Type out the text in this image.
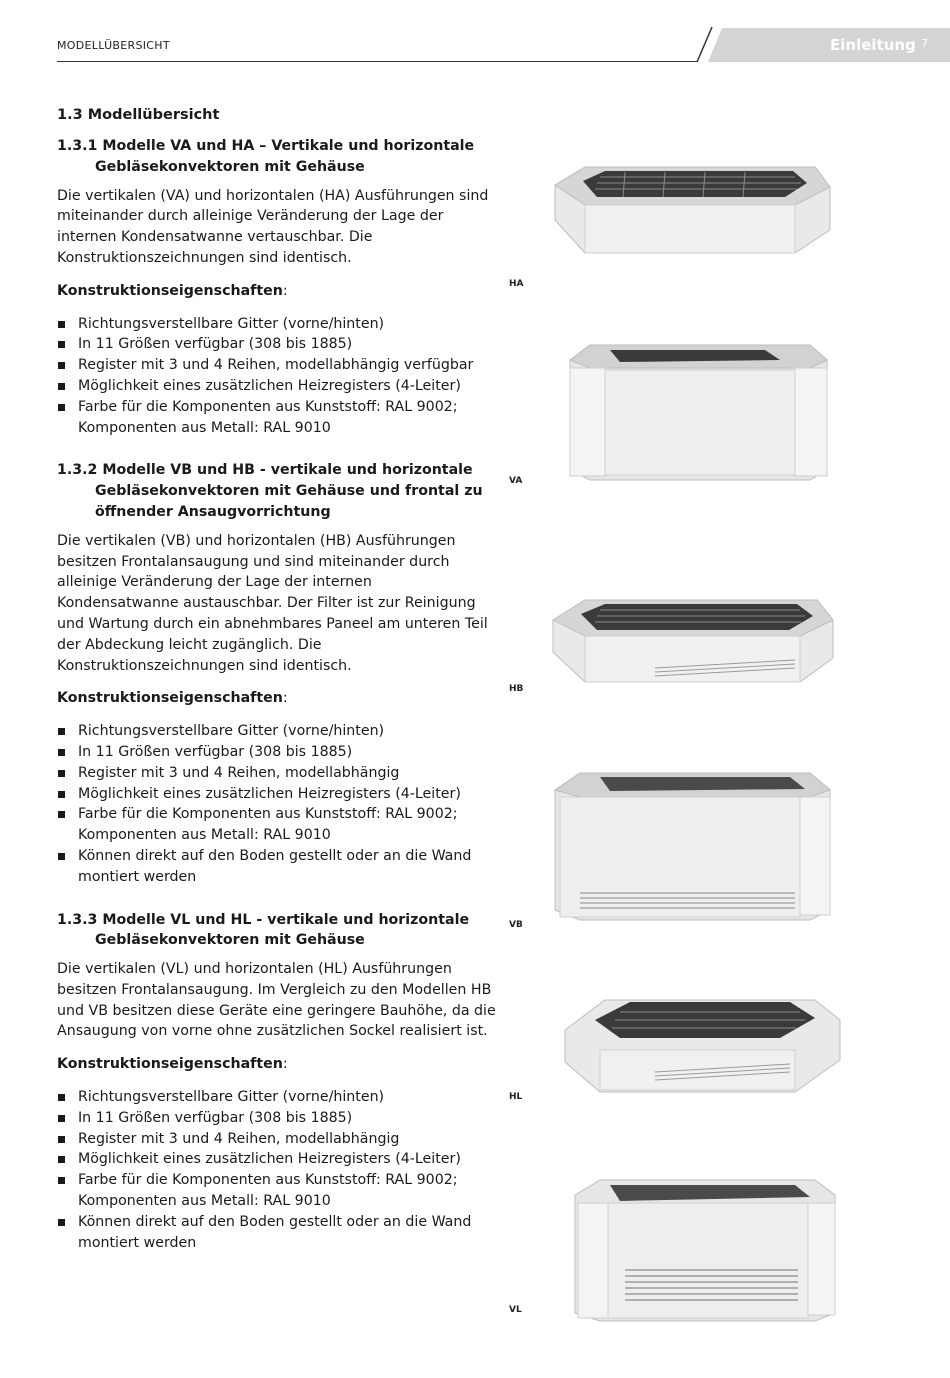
MODELLÜBERSICHT	Einleitung 7
1.3 Modellübersicht
1.3.1 Modelle VA und HA – Vertikale und horizontale Gebläsekonvektoren mit Gehäuse

Die vertikalen (VA) und horizontalen (HA) Ausführungen sind miteinander durch alleinige Veränderung der Lage der internen Kondensatwanne vertauschbar. Die Konstruktionszeichnungen sind identisch.

Konstruktionseigenschaften:
Richtungsverstellbare Gitter (vorne/hinten)
In 11 Größen verfügbar (308 bis 1885)
Register mit 3 und 4 Reihen, modellabhängig verfügbar
Möglichkeit eines zusätzlichen Heizregisters (4-Leiter)
Farbe für die Komponenten aus Kunststoff: RAL 9002; Komponenten aus Metall: RAL 9010
1.3.2 Modelle VB und HB - vertikale und horizontale Gebläsekonvektoren mit Gehäuse und frontal zu öffnender Ansaugvorrichtung

Die vertikalen (VB) und horizontalen (HB) Ausführungen besitzen Frontalansaugung und sind miteinander durch alleinige Veränderung der Lage der internen Kondensatwanne austauschbar. Der Filter ist zur Reinigung und Wartung durch ein abnehmbares Paneel am unteren Teil der Abdeckung leicht zugänglich. Die Konstruktionszeichnungen sind identisch.

Konstruktionseigenschaften:
Richtungsverstellbare Gitter (vorne/hinten)
In 11 Größen verfügbar (308 bis 1885)
Register mit 3 und 4 Reihen, modellabhängig
Möglichkeit eines zusätzlichen Heizregisters (4-Leiter)
Farbe für die Komponenten aus Kunststoff: RAL 9002; Komponenten aus Metall: RAL 9010
Können direkt auf den Boden gestellt oder an die Wand montiert werden
1.3.3 Modelle VL und HL - vertikale und horizontale Gebläsekonvektoren mit Gehäuse

Die vertikalen (VL) und horizontalen (HL) Ausführungen besitzen Frontalansaugung. Im Vergleich zu den Modellen HB und VB besitzen diese Geräte eine geringere Bauhöhe, da die Ansaugung von vorne ohne zusätzlichen Sockel realisiert ist.

Konstruktionseigenschaften:
Richtungsverstellbare Gitter (vorne/hinten)
In 11 Größen verfügbar (308 bis 1885)
Register mit 3 und 4 Reihen, modellabhängig
Möglichkeit eines zusätzlichen Heizregisters (4-Leiter)
Farbe für die Komponenten aus Kunststoff: RAL 9002; Komponenten aus Metall: RAL 9010
Können direkt auf den Boden gestellt oder an die Wand montiert werden
HA
VA
HB
VB
HL
VL
